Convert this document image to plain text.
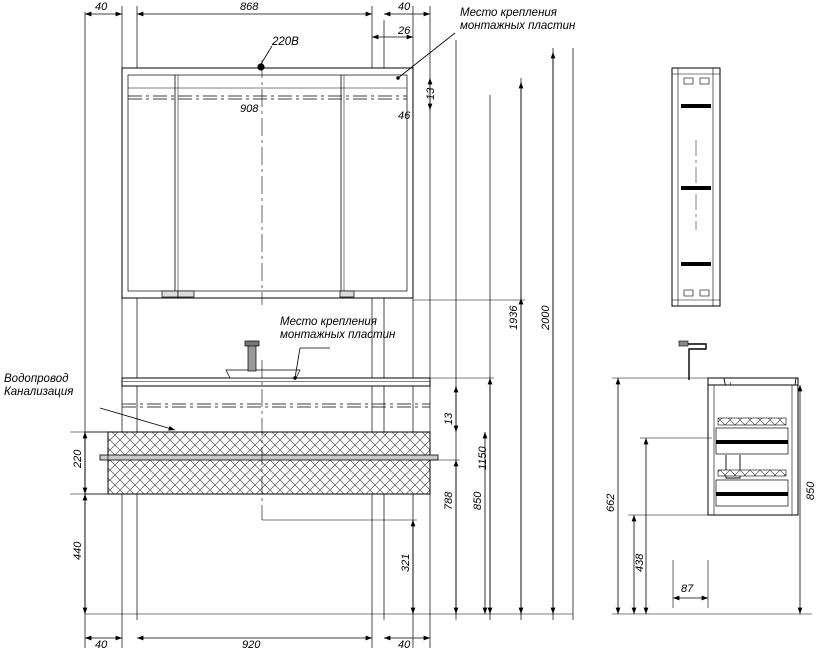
40	868	40
26
220В
Место крепления
монтажных пластин
908
46
13
1936 2000
Место крепления
монтажных пластин
Водопровод
Канализация
13
1150
220
788 850
440
321
40	920	40
850
662
438
87
